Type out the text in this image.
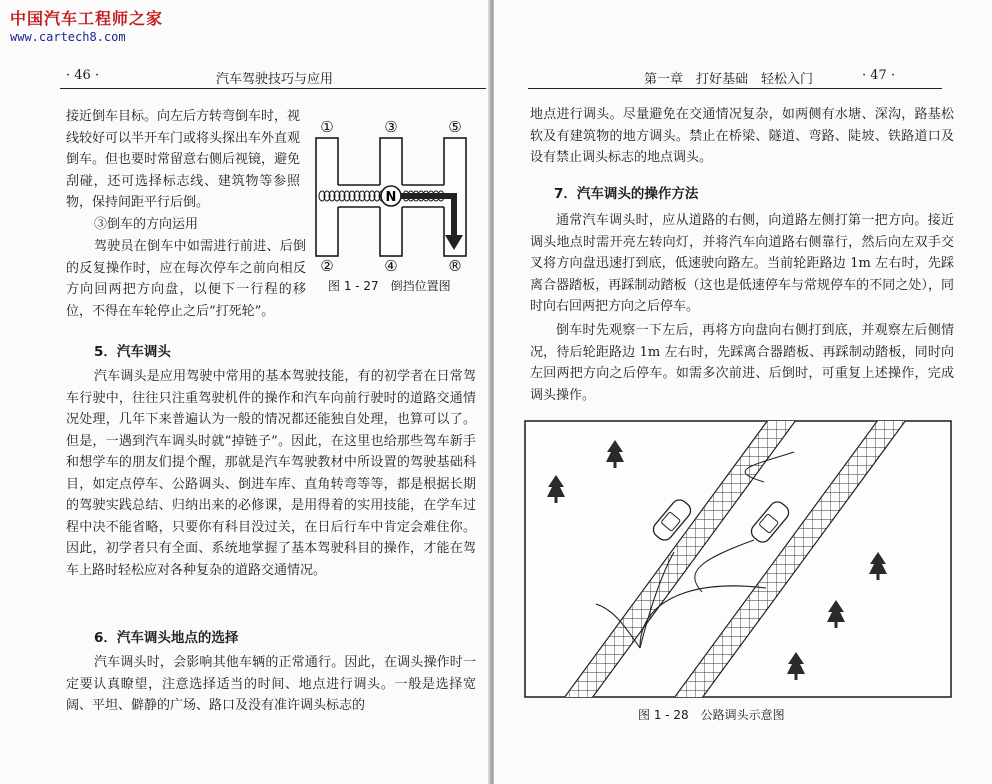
中国汽车工程师之家
www.cartech8.com
· 46 ·	汽车驾驶技巧与应用

接近倒车目标。向左后方转弯倒车时，视线较好可以半开车门或将头探出车外直观倒车。但也要时常留意右侧后视镜，避免刮碰，还可选择标志线、建筑物等参照物，保持间距平行后倒。

③倒车的方向运用

驾驶员在倒车中如需进行前进、后倒的反复操作时，应在每次停车之前向相反方向回两把方向盘，以便下一行程的移位，不得在车轮停止之后“打死轮”。

N
①	③	⑤
②	④	®
图 1 - 27　倒挡位置图
5．汽车调头

汽车调头是应用驾驶中常用的基本驾驶技能，有的初学者在日常驾车行驶中，往往只注重驾驶机件的操作和汽车向前行驶时的道路交通情况处理，几年下来普遍认为一般的情况都还能独自处理，也算可以了。但是，一遇到汽车调头时就“掉链子”。因此，在这里也给那些驾车新手和想学车的朋友们提个醒，那就是汽车驾驶教材中所设置的驾驶基础科目，如定点停车、公路调头、倒进车库、直角转弯等等，都是根据长期的驾驶实践总结、归纳出来的必修课，是用得着的实用技能，在学车过程中决不能省略，只要你有科目没过关，在日后行车中肯定会难住你。因此，初学者只有全面、系统地掌握了基本驾驶科目的操作，才能在驾车上路时轻松应对各种复杂的道路交通情况。

6．汽车调头地点的选择

汽车调头时，会影响其他车辆的正常通行。因此，在调头操作时一定要认真瞭望，注意选择适当的时间、地点进行调头。一般是选择宽阔、平坦、僻静的广场、路口及没有准许调头标志的

第一章　打好基础　轻松入门	· 47 ·

地点进行调头。尽量避免在交通情况复杂，如两侧有水塘、深沟，路基松软及有建筑物的地方调头。禁止在桥梁、隧道、弯路、陡坡、铁路道口及设有禁止调头标志的地点调头。

7．汽车调头的操作方法

通常汽车调头时，应从道路的右侧，向道路左侧打第一把方向。接近调头地点时需开亮左转向灯，并将汽车向道路右侧靠行，然后向左双手交叉将方向盘迅速打到底，低速驶向路左。当前轮距路边 1m 左右时，先踩离合器踏板，再踩制动踏板（这也是低速停车与常规停车的不同之处），同时向右回两把方向之后停车。

倒车时先观察一下左后，再将方向盘向右侧打到底，并观察左后侧情况，待后轮距路边 1m 左右时，先踩离合器踏板、再踩制动踏板，同时向左回两把方向之后停车。如需多次前进、后倒时，可重复上述操作，完成调头操作。

图 1 - 28　公路调头示意图
